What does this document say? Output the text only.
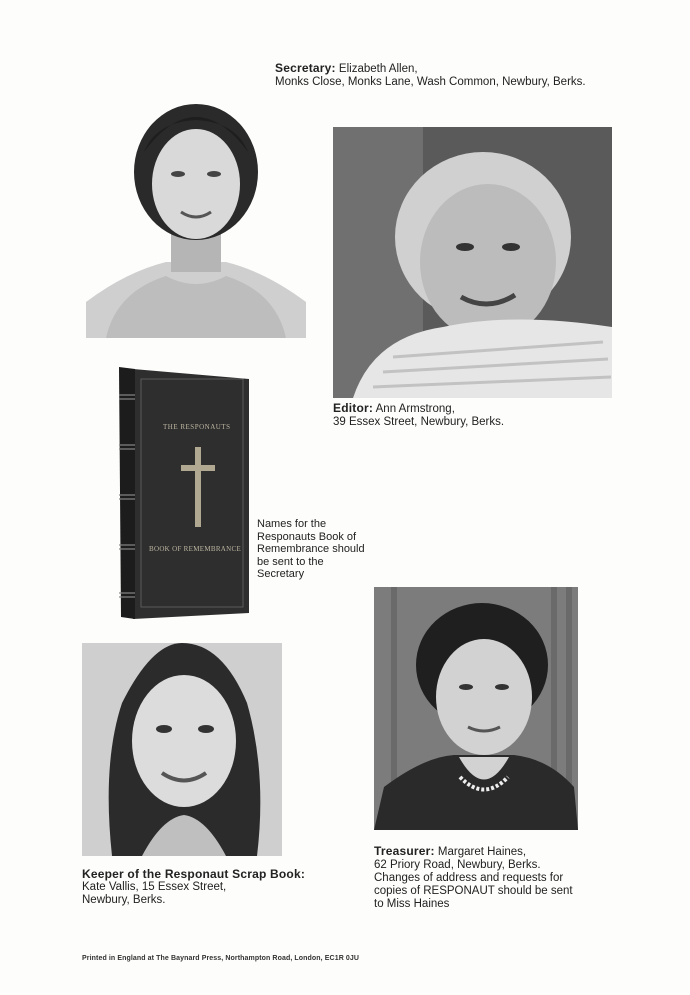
Secretary: Elizabeth Allen,
Monks Close, Monks Lane, Wash Common, Newbury, Berks.
Editor: Ann Armstrong,
39 Essex Street, Newbury, Berks.
THE RESPONAUTS
BOOK OF REMEMBRANCE
Names for the
Responauts Book of
Remembrance should
be sent to the
Secretary
Keeper of the Responaut Scrap Book:
Kate Vallis, 15 Essex Street,
Newbury, Berks.
Treasurer: Margaret Haines,
62 Priory Road, Newbury, Berks.
Changes of address and requests for
copies of RESPONAUT should be sent
to Miss Haines
Printed in England at The Baynard Press, Northampton Road, London, EC1R 0JU
